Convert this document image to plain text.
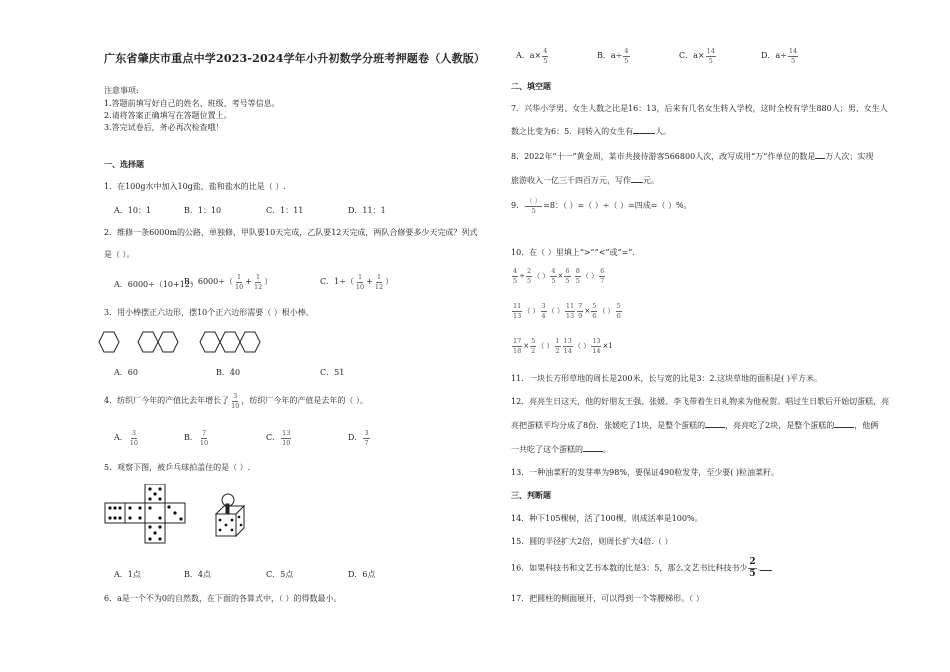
广东省肇庆市重点中学2023-2024学年小升初数学分班考押题卷（人教版）
注意事项:
1.答题前填写好自己的姓名、班级、考号等信息。
2.请将答案正确填写在答题位置上。
3.答完试卷后，务必再次检查哦！
一、选择题
1．在100g水中加入10g盐，盐和盐水的比是（ ）.
A．10：1	B．1：10	C．1：11	D．11：1
2．维修一条6000m的公路，单独修，甲队要10天完成，乙队要12天完成，两队合修要多少天完成？列式
是（ ）。
A．6000÷（10+12）
B．$6000\div( \frac{1}{10} + \frac{1}{12}$ ）	C．$1\div( \frac{1}{10} + \frac{1}{12}$ ）
3．用小棒摆正六边形，摆10个正六边形需要（ ）根小棒。
A．60	B．40	C．51
4．纺织厂今年的产值比去年增长了 $\frac{3}{10}$ ，纺织厂今年的产值是去年的（ ）。
A． $\frac{3}{10}$	B． $\frac{7}{10}$	C． $\frac{13}{10}$	D． $\frac{3}{7}$
5．观察下图，被乒乓球拍盖住的是（ ）.
A．1点	B．4点	C．5点	D．6点
6．a是一个不为0的自然数，在下面的各算式中，（ ）的得数最小。
A．$a\times \frac{4}{5}$	B．$a\div \frac{4}{5}$	C．$a\times \frac{14}{5}$	D．$a\div \frac{14}{5}$
二、填空题
7．兴华小学男、女生人数之比是16：13，后来有几名女生转入学校，这时全校有学生880人；男、女生人
数之比变为6：5．问转入的女生有	人。
8．2022年“十一”黄金周，某市共接待游客566800人次，改写成用“万”作单位的数是 万人次；实现
旅游收入一亿三千四百万元，写作 元。
9． $\frac{( )}{5} =8$：（ ）=（ ）÷（ ）=四成=（ ）%。
10．在（ ）里填上“>”“<”或“=”.
$\frac{4}{5} \div \frac{2}{5}$ （ ） $\frac{4}{5} \times \frac{6}{5}$
$\frac{8}{5}$ （ ） $\frac{6}{7}$
$\frac{11}{13}$ （ ） $\frac{3}{4}$ （ ） $\frac{11}{13} \frac{7}{9} \times \frac{5}{6}$ （ ） $\frac{5}{6}$
$\frac{17}{18} \times \frac{5}{2}$ （ ） $\frac{1}{2} \frac{13}{14}$ （ ） $\frac{13}{14} \times 1$
11．一块长方形草地的周长是200米，长与宽的比是3：2.这块草地的面积是( )平方米。
12．亮亮生日这天，他的好朋友王强、张媛、李飞带着生日礼物来为他祝贺。唱过生日歌后开始切蛋糕，亮
亮把蛋糕平均分成了8份．张媛吃了1块，是整个蛋糕的	，亮亮吃了2块，是整个蛋糕的	，他俩
一共吃了这个蛋糕的	。
13．一种油菜籽的发芽率为98%，要保证490粒发芽，至少要( )粒油菜籽。
三、判断题
14．种下105棵树，活了100棵，则成活率是100%。
15．圆的半径扩大2倍，则周长扩大4倍.（ ）
16．如果科技书和文艺书本数的比是3：5，那么文艺书比科技书少 $\frac{2}{5}$ .
17．把圆柱的侧面展开，可以得到一个等腰梯形。（ ）
